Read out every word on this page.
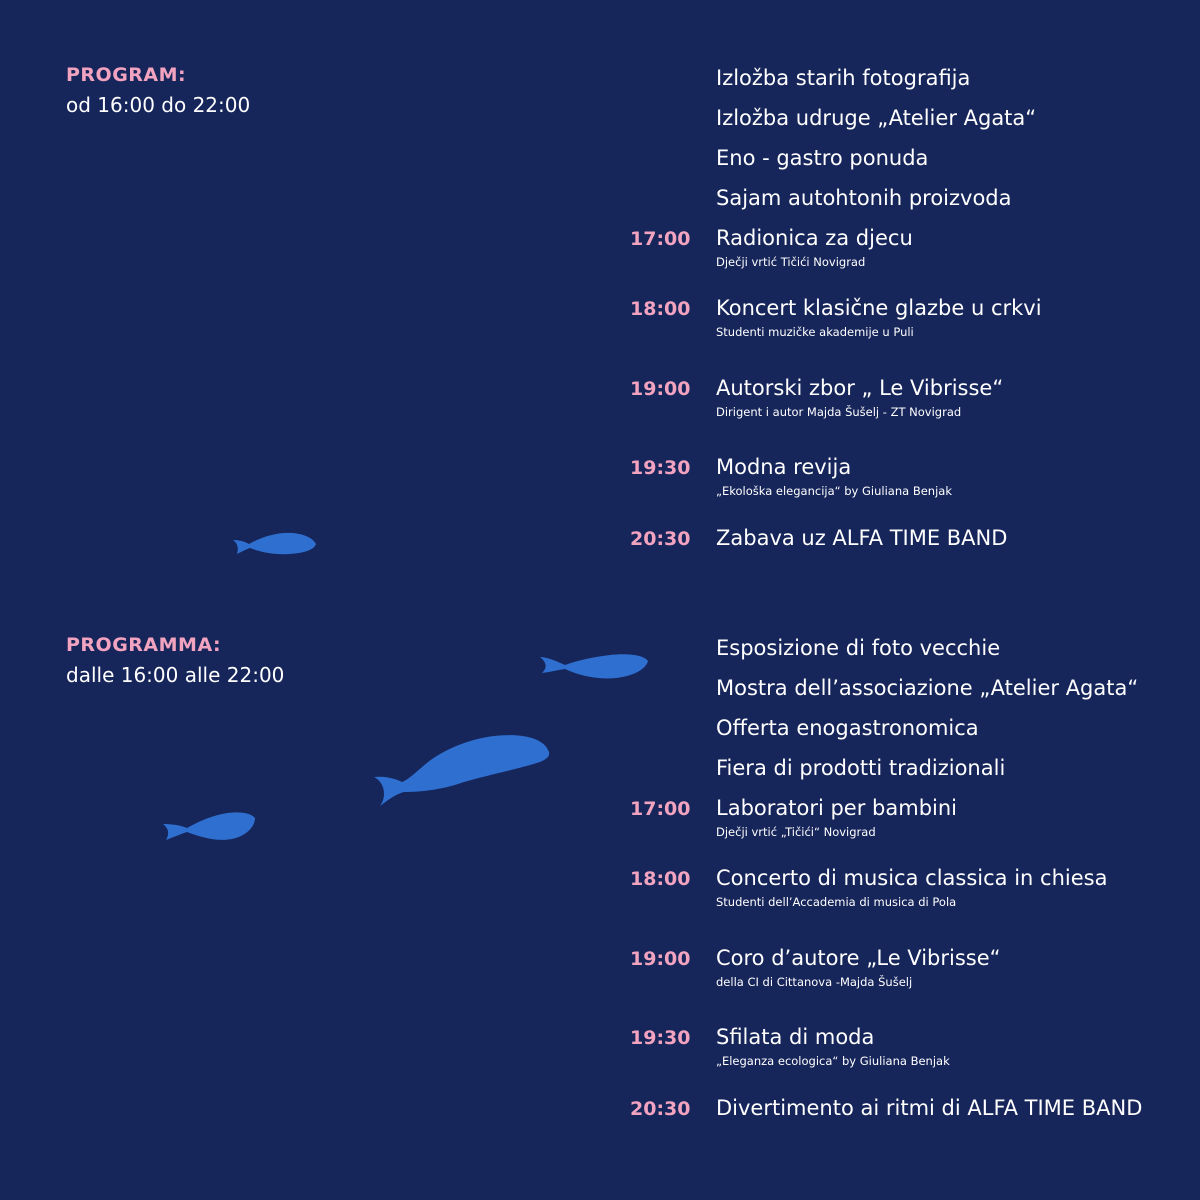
PROGRAM:
od 16:00 do 22:00
Izložba starih fotografija
Izložba udruge „Atelier Agata“
Eno - gastro ponuda
Sajam autohtonih proizvoda
17:00 Radionica za djecu
Dječji vrtić Tičići Novigrad
18:00 Koncert klasične glazbe u crkvi
Studenti muzičke akademije u Puli
19:00 Autorski zbor „ Le Vibrisse“
Dirigent i autor Majda Šušelj - ZT Novigrad
19:30 Modna revija
„Ekološka elegancija“ by Giuliana Benjak
20:30 Zabava uz ALFA TIME BAND
PROGRAMMA:
dalle 16:00 alle 22:00
Esposizione di foto vecchie
Mostra dell’associazione „Atelier Agata“
Offerta enogastronomica
Fiera di prodotti tradizionali
17:00 Laboratori per bambini
Dječji vrtić „Tičići“ Novigrad
18:00 Concerto di musica classica in chiesa
Studenti dell’Accademia di musica di Pola
19:00 Coro d’autore „Le Vibrisse“
della CI di Cittanova -Majda Šušelj
19:30 Sfilata di moda
„Eleganza ecologica“ by Giuliana Benjak
20:30 Divertimento ai ritmi di ALFA TIME BAND
